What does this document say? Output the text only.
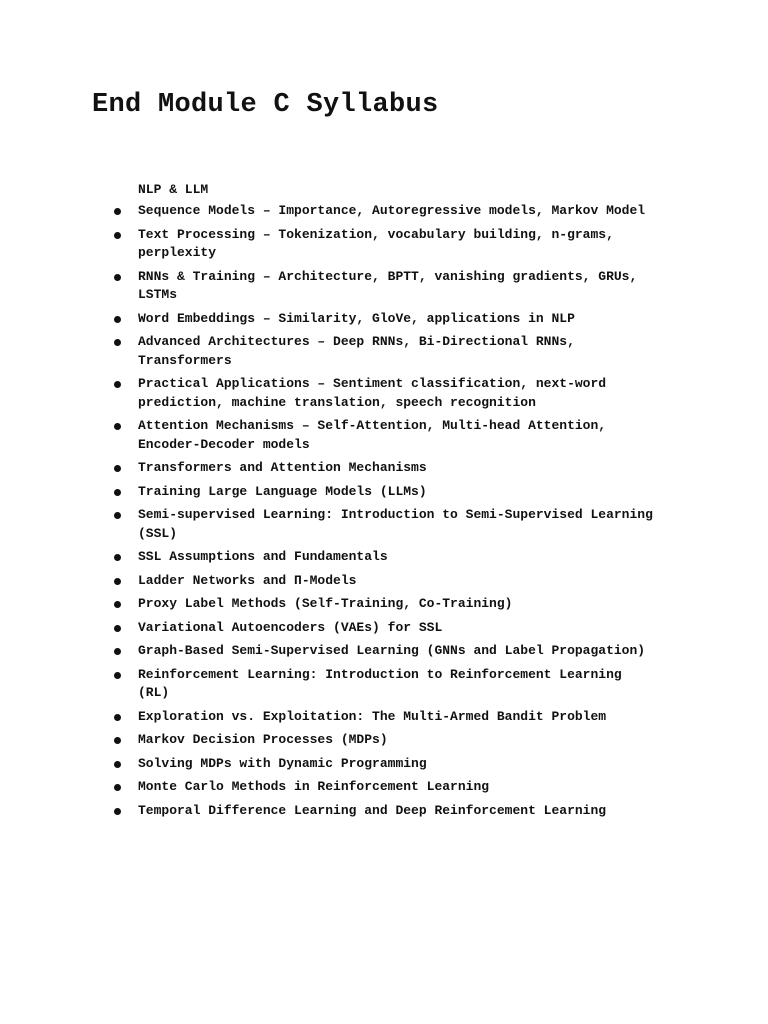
End Module C Syllabus
NLP & LLM
Sequence Models – Importance, Autoregressive models, Markov Model
Text Processing – Tokenization, vocabulary building, n-grams, perplexity
RNNs & Training – Architecture, BPTT, vanishing gradients, GRUs, LSTMs
Word Embeddings – Similarity, GloVe, applications in NLP
Advanced Architectures – Deep RNNs, Bi-Directional RNNs, Transformers
Practical Applications – Sentiment classification, next-word prediction, machine translation, speech recognition
Attention Mechanisms – Self-Attention, Multi-head Attention, Encoder-Decoder models
Transformers and Attention Mechanisms
Training Large Language Models (LLMs)
Semi-supervised Learning: Introduction to Semi-Supervised Learning (SSL)
SSL Assumptions and Fundamentals
Ladder Networks and Π-Models
Proxy Label Methods (Self-Training, Co-Training)
Variational Autoencoders (VAEs) for SSL
Graph-Based Semi-Supervised Learning (GNNs and Label Propagation)
Reinforcement Learning: Introduction to Reinforcement Learning (RL)
Exploration vs. Exploitation: The Multi-Armed Bandit Problem
Markov Decision Processes (MDPs)
Solving MDPs with Dynamic Programming
Monte Carlo Methods in Reinforcement Learning
Temporal Difference Learning and Deep Reinforcement Learning
